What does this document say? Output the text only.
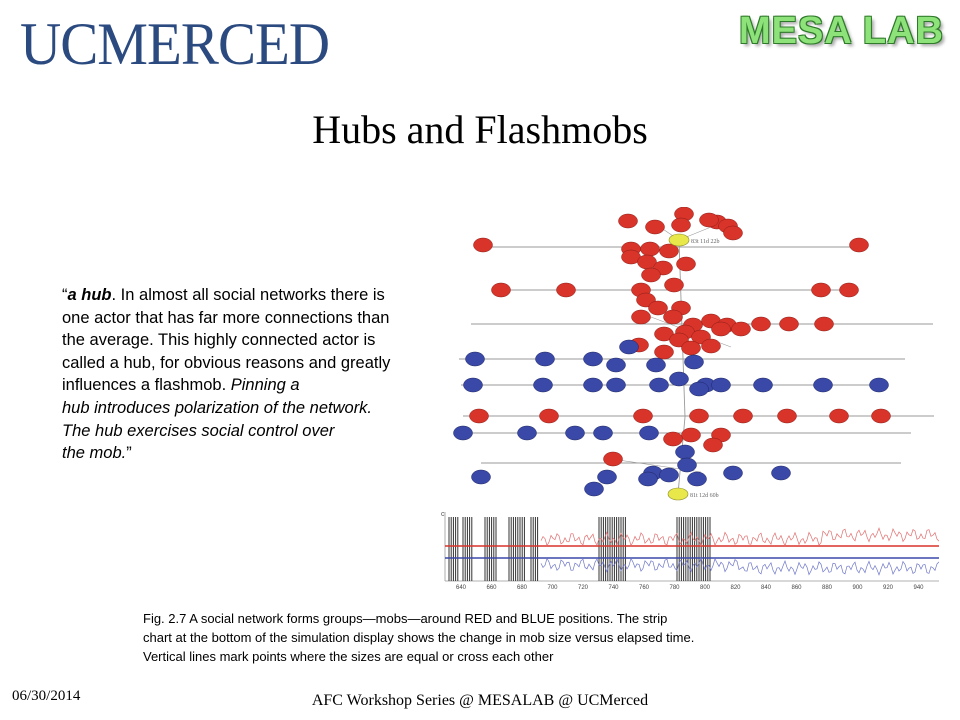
UCMERCED	MESA LAB
Hubs and Flashmobs
“a hub. In almost all social networks there is
one actor that has far more connections than
the average. This highly connected actor is
called a hub, for obvious reasons and greatly
influences a flashmob. Pinning a
hub introduces polarization of the network.
The hub exercises social control over
the mob.”
83t 11d 22b
81t 12d 60b
640	660	680	700	720	740	760	780	800	820	840	860	880	900	920	940
c
Fig. 2.7 A social network forms groups—mobs—around RED and BLUE positions. The strip
chart at the bottom of the simulation display shows the change in mob size versus elapsed time.
Vertical lines mark points where the sizes are equal or cross each other
06/30/2014	AFC Workshop Series @ MESALAB @ UCMerced
